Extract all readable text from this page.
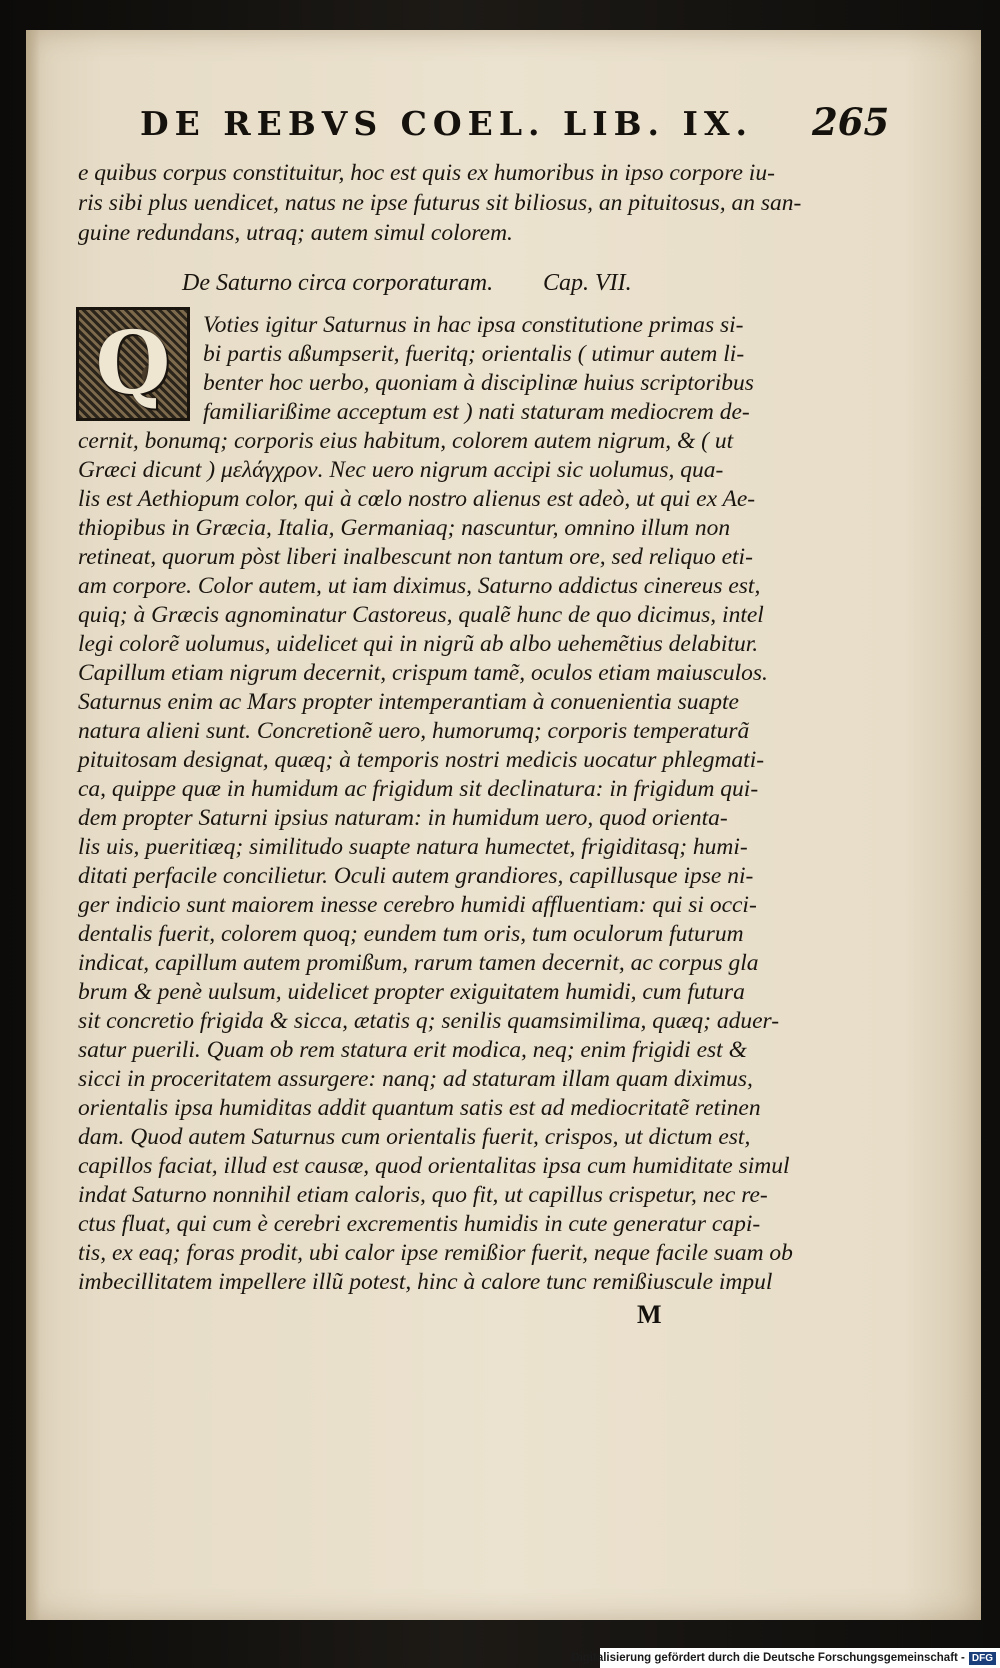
DE REBVS COEL. LIB. IX. 265
e quibus corpus constituitur, hoc est quis ex humoribus in ipso corpore iu-
ris sibi plus uendicet, natus ne ipse futurus sit biliosus, an pituitosus, an san-
guine redundans, utraq; autem simul colorem.
De Saturno circa corporaturam. Cap. VII.
Q Voties igitur Saturnus in hac ipsa constitutione primas si-
bi partis aßumpserit, fueritq; orientalis ( utimur autem li-
benter hoc uerbo, quoniam à disciplinæ huius scriptoribus
familiarißime acceptum est ) nati staturam mediocrem de-
cernit, bonumq; corporis eius habitum, colorem autem nigrum, & ( ut
Græci dicunt ) μελάγχρον. Nec uero nigrum accipi sic uolumus, qua-
lis est Aethiopum color, qui à cœlo nostro alienus est adeò, ut qui ex Ae-
thiopibus in Græcia, Italia, Germaniaq; nascuntur, omnino illum non
retineat, quorum pòst liberi inalbescunt non tantum ore, sed reliquo eti-
am corpore. Color autem, ut iam diximus, Saturno addictus cinereus est,
quiq; à Græcis agnominatur Castoreus, qualẽ hunc de quo dicimus, intel
legi colorẽ uolumus, uidelicet qui in nigrũ ab albo uehemẽtius delabitur.
Capillum etiam nigrum decernit, crispum tamẽ, oculos etiam maiusculos.
Saturnus enim ac Mars propter intemperantiam à conuenientia suapte
natura alieni sunt. Concretionẽ uero, humorumq; corporis temperaturã
pituitosam designat, quæq; à temporis nostri medicis uocatur phlegmati-
ca, quippe quæ in humidum ac frigidum sit declinatura: in frigidum qui-
dem propter Saturni ipsius naturam: in humidum uero, quod orienta-
lis uis, pueritiæq; similitudo suapte natura humectet, frigiditasq; humi-
ditati perfacile concilietur. Oculi autem grandiores, capillusque ipse ni-
ger indicio sunt maiorem inesse cerebro humidi affluentiam: qui si occi-
dentalis fuerit, colorem quoq; eundem tum oris, tum oculorum futurum
indicat, capillum autem promißum, rarum tamen decernit, ac corpus gla
brum & penè uulsum, uidelicet propter exiguitatem humidi, cum futura
sit concretio frigida & sicca, ætatis q; senilis quamsimilima, quæq; aduer-
satur puerili. Quam ob rem statura erit modica, neq; enim frigidi est &
sicci in proceritatem assurgere: nanq; ad staturam illam quam diximus,
orientalis ipsa humiditas addit quantum satis est ad mediocritatẽ retinen
dam. Quod autem Saturnus cum orientalis fuerit, crispos, ut dictum est,
capillos faciat, illud est causæ, quod orientalitas ipsa cum humiditate simul
indat Saturno nonnihil etiam caloris, quo fit, ut capillus crispetur, nec re-
ctus fluat, qui cum è cerebri excrementis humidis in cute generatur capi-
tis, ex eaq; foras prodit, ubi calor ipse remißior fuerit, neque facile suam ob
imbecillitatem impellere illũ potest, hinc à calore tunc remißiuscule impul
M
Digitalisierung gefördert durch die Deutsche Forschungsgemeinschaft - DFG
